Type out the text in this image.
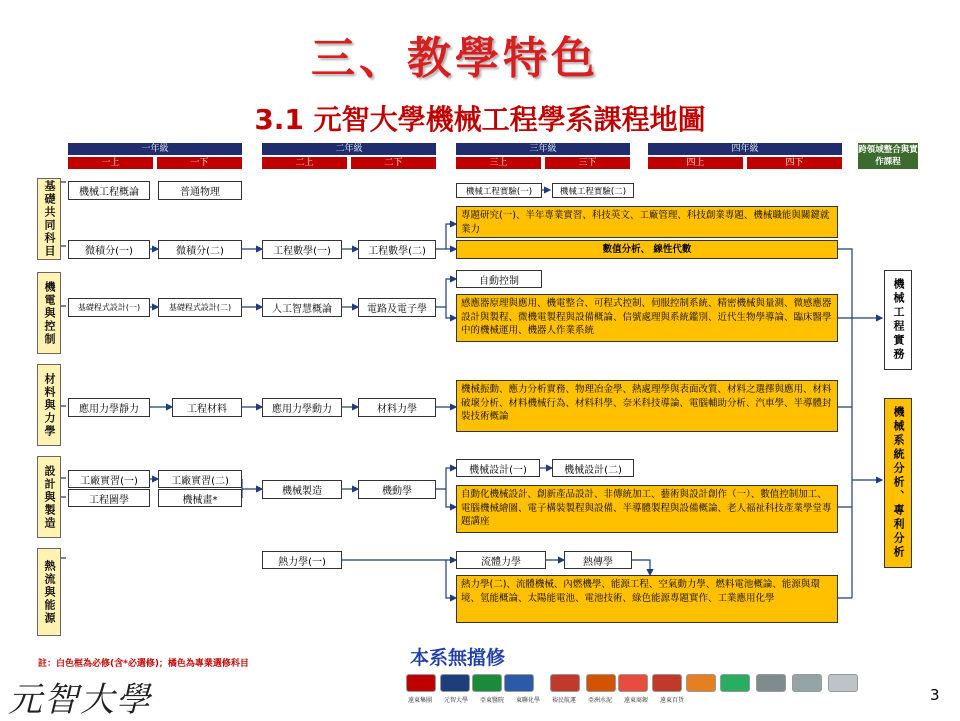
三、教學特色
3.1 元智大學機械工程學系課程地圖
一年級	二年級	三年級	四年級
一上	一下	二上	二下	三上	三下	四上	四下
跨領域整合與實作課程
基礎共同科目
機電與控制
材料與力學
設計與製造
熱流與能源
機械工程概論	普通物理	機械工程實驗(一)	機械工程實驗(二)
專題研究(一)、半年專業實習、科技英文、工廠管理、科技創業專題、機械職能與關鍵就業力
微積分(一)	微積分(二)	工程數學(一)	工程數學(二)	數值分析、 線性代數
基礎程式設計(一)	基礎程式設計(二)	人工智慧概論	電路及電子學
自動控制
感應器原理與應用、機電整合、可程式控制、伺服控制系統、精密機械與量測、微感應器設計與製程、微機電製程與設備概論、信號處理與系統鑑別、近代生物學導論、臨床醫學中的機械運用、機器人作業系統
應用力學靜力	工程材料	應用力學動力	材料力學
機械振動、應力分析實務、物理冶金學、熱處理學與表面改質、材料之選擇與應用、材料破壞分析、材料機械行為、材料科學、奈米科技導論、電腦輔助分析、汽車學、半導體封裝技術概論
工廠實習(一)	工廠實習(二)
工程圖學	機械畫*
機械製造	機動學
機械設計(一)	機械設計(二)
自動化機械設計、創新產品設計、非傳統加工、藝術與設計創作（一）、數值控制加工、電腦機械繪圖、電子構裝製程與設備、半導體製程與設備概論、老人福祉科技產業學堂專題講座
熱力學(一)	流體力學	熱傳學
熱力學(二)、流體機械、內燃機學、能源工程、空氣動力學、燃料電池概論、能源與環境、氫能概論、太陽能電池、電池技術、綠色能源專題實作、工業應用化學
機械工程實務
機械系統分析、專利分析
註：白色框為必修(含*必選修)；橘色為專業選修科目	本系無擋修
元智大學	3
遠東集團	元智大學	亞東醫院	東聯化學	裕民航運	亞洲水泥	遠東商銀	遠東百貨
